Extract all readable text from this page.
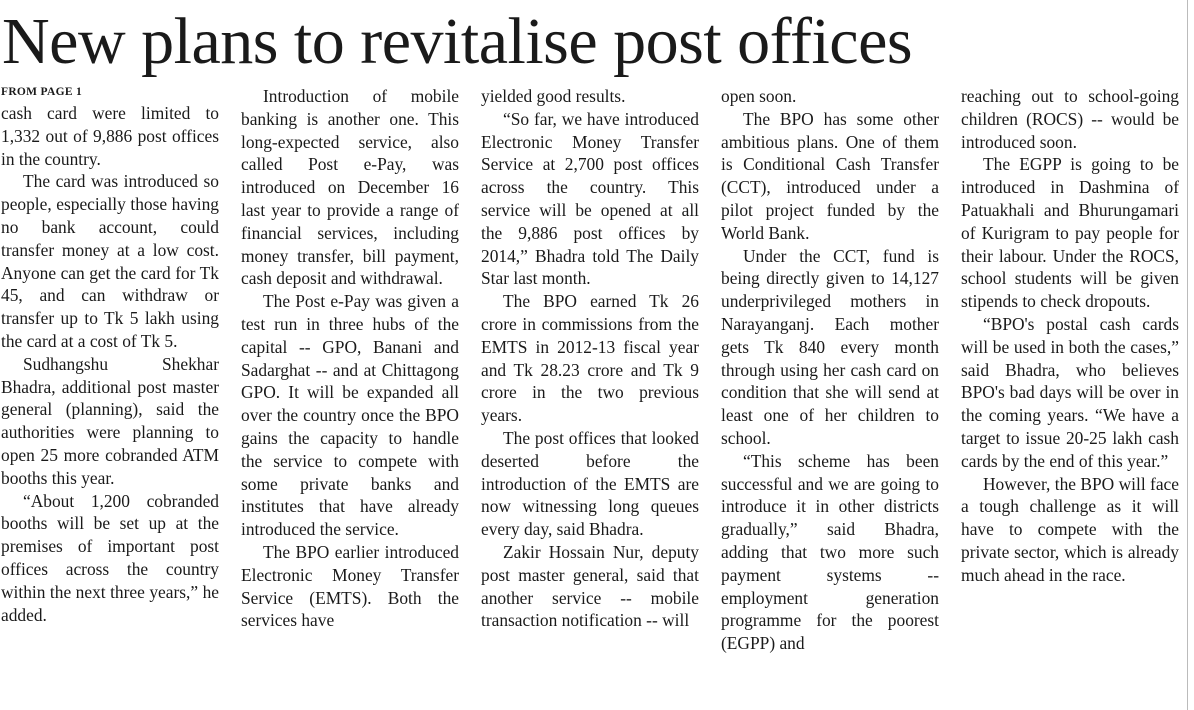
New plans to revitalise post offices
FROM PAGE 1

cash card were limited to 1,332 out of 9,886 post offices in the country.

The card was introduced so people, especially those having no bank account, could transfer money at a low cost. Anyone can get the card for Tk 45, and can withdraw or transfer up to Tk 5 lakh using the card at a cost of Tk 5.

Sudhangshu Shekhar Bhadra, additional post master general (planning), said the authorities were planning to open 25 more cobranded ATM booths this year.

“About 1,200 cobranded booths will be set up at the premises of important post offices across the country within the next three years,” he added.

Introduction of mobile banking is another one. This long-expected service, also called Post e-Pay, was introduced on December 16 last year to provide a range of financial services, including money transfer, bill payment, cash deposit and withdrawal.

The Post e-Pay was given a test run in three hubs of the capital -- GPO, Banani and Sadarghat -- and at Chittagong GPO. It will be expanded all over the country once the BPO gains the capacity to handle the service to compete with some private banks and institutes that have already introduced the service.

The BPO earlier introduced Electronic Money Transfer Service (EMTS). Both the services have

yielded good results.

“So far, we have introduced Electronic Money Transfer Service at 2,700 post offices across the country. This service will be opened at all the 9,886 post offices by 2014,” Bhadra told The Daily Star last month.

The BPO earned Tk 26 crore in commissions from the EMTS in 2012-13 fiscal year and Tk 28.23 crore and Tk 9 crore in the two previous years.

The post offices that looked deserted before the introduction of the EMTS are now witnessing long queues every day, said Bhadra.

Zakir Hossain Nur, deputy post master general, said that another service -- mobile transaction notification -- will

open soon.

The BPO has some other ambitious plans. One of them is Conditional Cash Transfer (CCT), introduced under a pilot project funded by the World Bank.

Under the CCT, fund is being directly given to 14,127 underprivileged mothers in Narayanganj. Each mother gets Tk 840 every month through using her cash card on condition that she will send at least one of her children to school.

“This scheme has been successful and we are going to introduce it in other districts gradually,” said Bhadra, adding that two more such payment systems -- employment generation programme for the poorest (EGPP) and

reaching out to school-going children (ROCS) -- would be introduced soon.

The EGPP is going to be introduced in Dashmina of Patuakhali and Bhurungamari of Kurigram to pay people for their labour. Under the ROCS, school students will be given stipends to check dropouts.

“BPO's postal cash cards will be used in both the cases,” said Bhadra, who believes BPO's bad days will be over in the coming years. “We have a target to issue 20-25 lakh cash cards by the end of this year.”

However, the BPO will face a tough challenge as it will have to compete with the private sector, which is already much ahead in the race.
